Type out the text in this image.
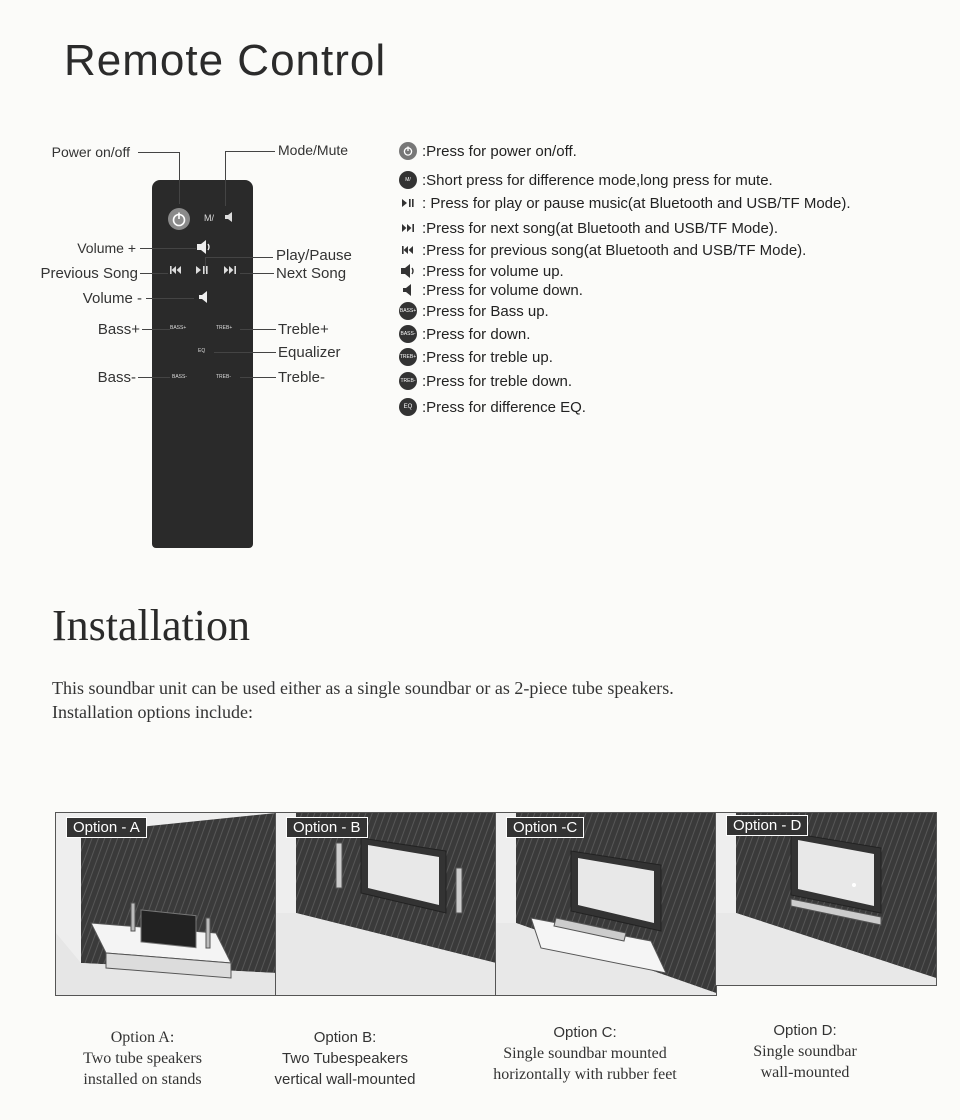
Remote Control
M/
BASS+	TREB+
EQ
BASS-	TREB-
Power on/off	Mode/Mute
Volume +	Play/Pause
Previous Song	Next Song
Volume -
Bass+	Treble+
Equalizer
Bass-	Treble-
:Press for power on/off.
M/ :Short press for difference mode,long press for mute.
: Press for play or pause music(at Bluetooth and USB/TF Mode).
:Press for next song(at Bluetooth and USB/TF Mode).
:Press for previous song(at Bluetooth and USB/TF Mode).
:Press for volume up.
:Press for volume down.
BASS+ :Press for Bass up.
BASS- :Press for down.
TREB+ :Press for treble up.
TREB- :Press for treble down.
EQ :Press for difference EQ.
Installation
This soundbar unit can be used either as a single soundbar or as 2-piece tube speakers.
Installation options include:
Option - A	Option - B	Option -C	Option - D
Option A:
Two tube speakers
installed on stands
Option B:
Two Tubespeakers
vertical wall-mounted
Option C:
Single soundbar mounted
horizontally with rubber feet
Option D:
Single soundbar
wall-mounted
